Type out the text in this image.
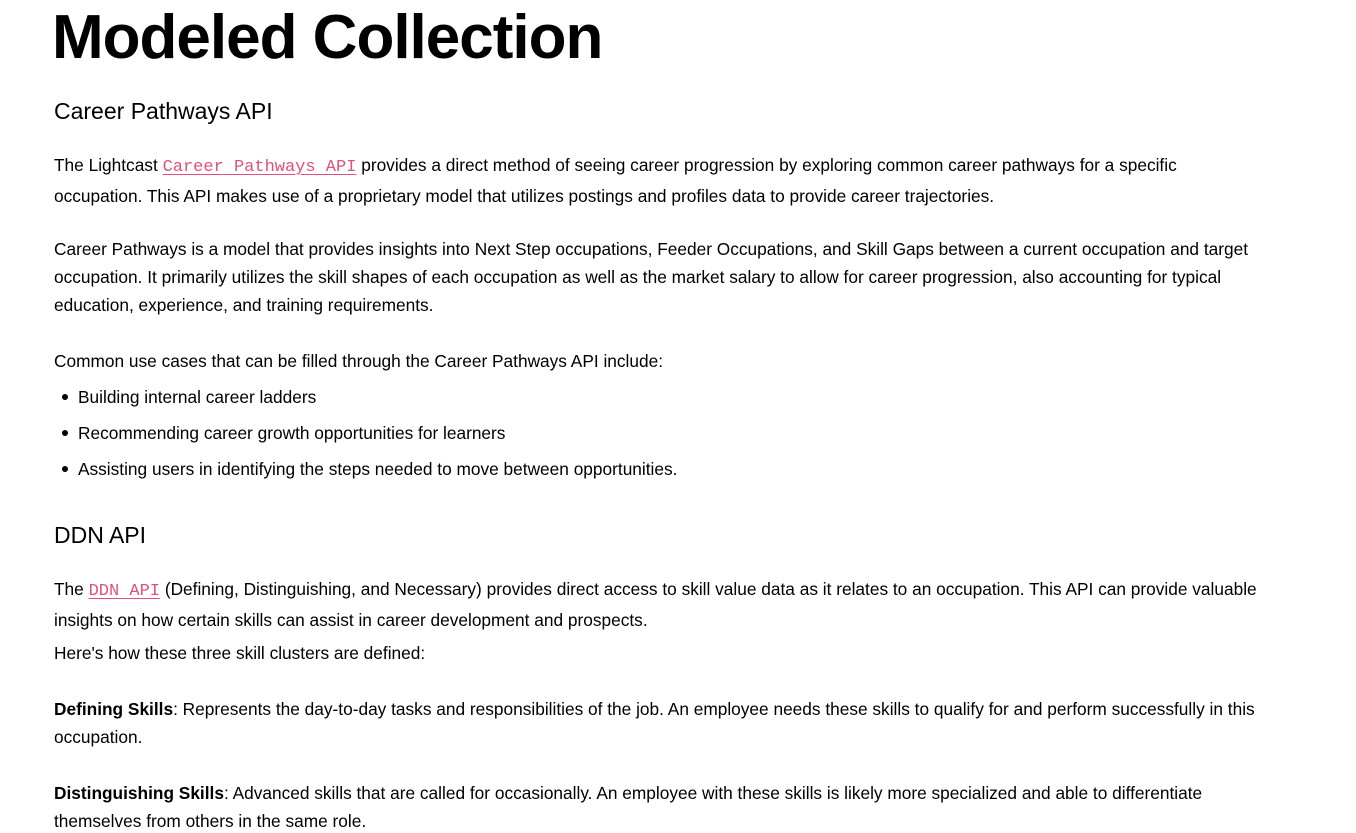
Modeled Collection
Career Pathways API

The Lightcast Career Pathways API provides a direct method of seeing career progression by exploring common career pathways for a specific occupation. This API makes use of a proprietary model that utilizes postings and profiles data to provide career trajectories.

Career Pathways is a model that provides insights into Next Step occupations, Feeder Occupations, and Skill Gaps between a current occupation and target occupation. It primarily utilizes the skill shapes of each occupation as well as the market salary to allow for career progression, also accounting for typical education, experience, and training requirements.

Common use cases that can be filled through the Career Pathways API include:

Building internal career ladders
Recommending career growth opportunities for learners
Assisting users in identifying the steps needed to move between opportunities.
DDN API

The DDN API (Defining, Distinguishing, and Necessary) provides direct access to skill value data as it relates to an occupation. This API can provide valuable insights on how certain skills can assist in career development and prospects.

Here's how these three skill clusters are defined:

Defining Skills: Represents the day-to-day tasks and responsibilities of the job. An employee needs these skills to qualify for and perform successfully in this occupation.

Distinguishing Skills: Advanced skills that are called for occasionally. An employee with these skills is likely more specialized and able to differentiate themselves from others in the same role.
